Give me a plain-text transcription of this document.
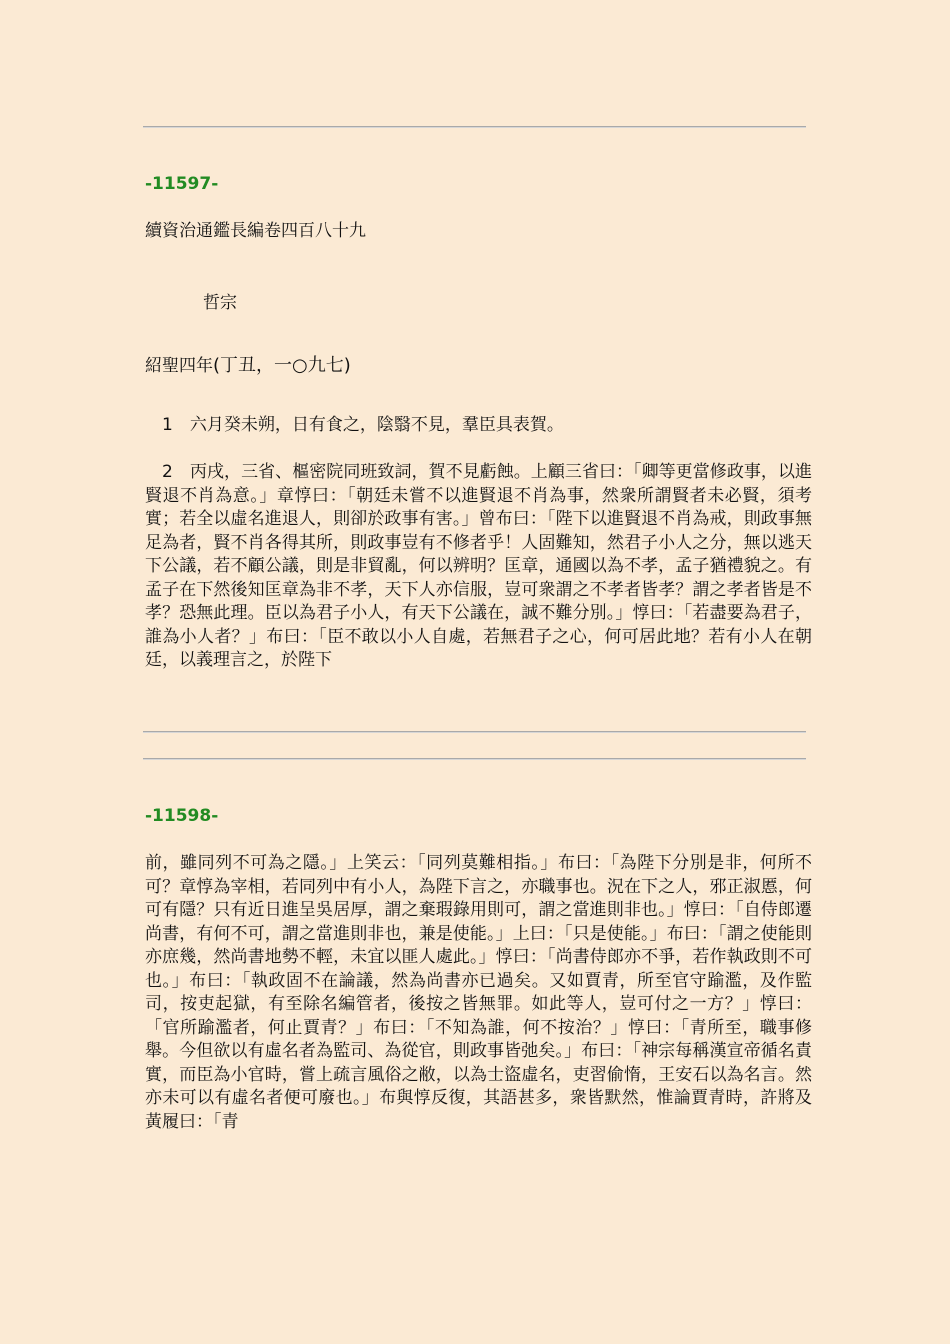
-11597-
續資治通鑑長編卷四百八十九
哲宗
紹聖四年(丁丑，一○九七)
　1　六月癸未朔，日有食之，陰翳不見，羣臣具表賀。
　2　丙戌，三省、樞密院同班致詞，賀不見虧蝕。上顧三省曰：「卿等更當修政事，以進賢退不肖為意。」章惇曰：「朝廷未嘗不以進賢退不肖為事，然衆所謂賢者未必賢，須考實；若全以虛名進退人，則卻於政事有害。」曾布曰：「陛下以進賢退不肖為戒，則政事無足為者，賢不肖各得其所，則政事豈有不修者乎！人固難知，然君子小人之分，無以逃天下公議，若不顧公議，則是非貿亂，何以辨明？匡章，通國以為不孝，孟子猶禮貌之。有孟子在下然後知匡章為非不孝，天下人亦信服，豈可衆謂之不孝者皆孝？謂之孝者皆是不孝？恐無此理。臣以為君子小人，有天下公議在，誠不難分別。」惇曰：「若盡要為君子，誰為小人者？」布曰：「臣不敢以小人自處，若無君子之心，何可居此地？若有小人在朝廷，以義理言之，於陛下
-11598-
前，雖同列不可為之隱。」上笑云：「同列莫難相指。」布曰：「為陛下分別是非，何所不可？章惇為宰相，若同列中有小人，為陛下言之，亦職事也。況在下之人，邪正淑慝，何可有隱？只有近日進呈吳居厚，謂之棄瑕錄用則可，謂之當進則非也。」惇曰：「自侍郎遷尚書，有何不可，謂之當進則非也，兼是使能。」上曰：「只是使能。」布曰：「謂之使能則亦庶幾，然尚書地勢不輕，未宜以匪人處此。」惇曰：「尚書侍郎亦不爭，若作執政則不可也。」布曰：「執政固不在論議，然為尚書亦已過矣。又如賈青，所至官守踰濫，及作監司，按吏起獄，有至除名編管者，後按之皆無罪。如此等人，豈可付之一方？」惇曰：「官所踰濫者，何止賈青？」布曰：「不知為誰，何不按治？」惇曰：「青所至，職事修舉。今但欲以有虛名者為監司、為從官，則政事皆弛矣。」布曰：「神宗每稱漢宣帝循名責實，而臣為小官時，嘗上疏言風俗之敝，以為士盜虛名，吏習偷惰，王安石以為名言。然亦未可以有虛名者便可廢也。」布與惇反復，其語甚多，衆皆默然，惟論賈青時，許將及黃履曰：「青
